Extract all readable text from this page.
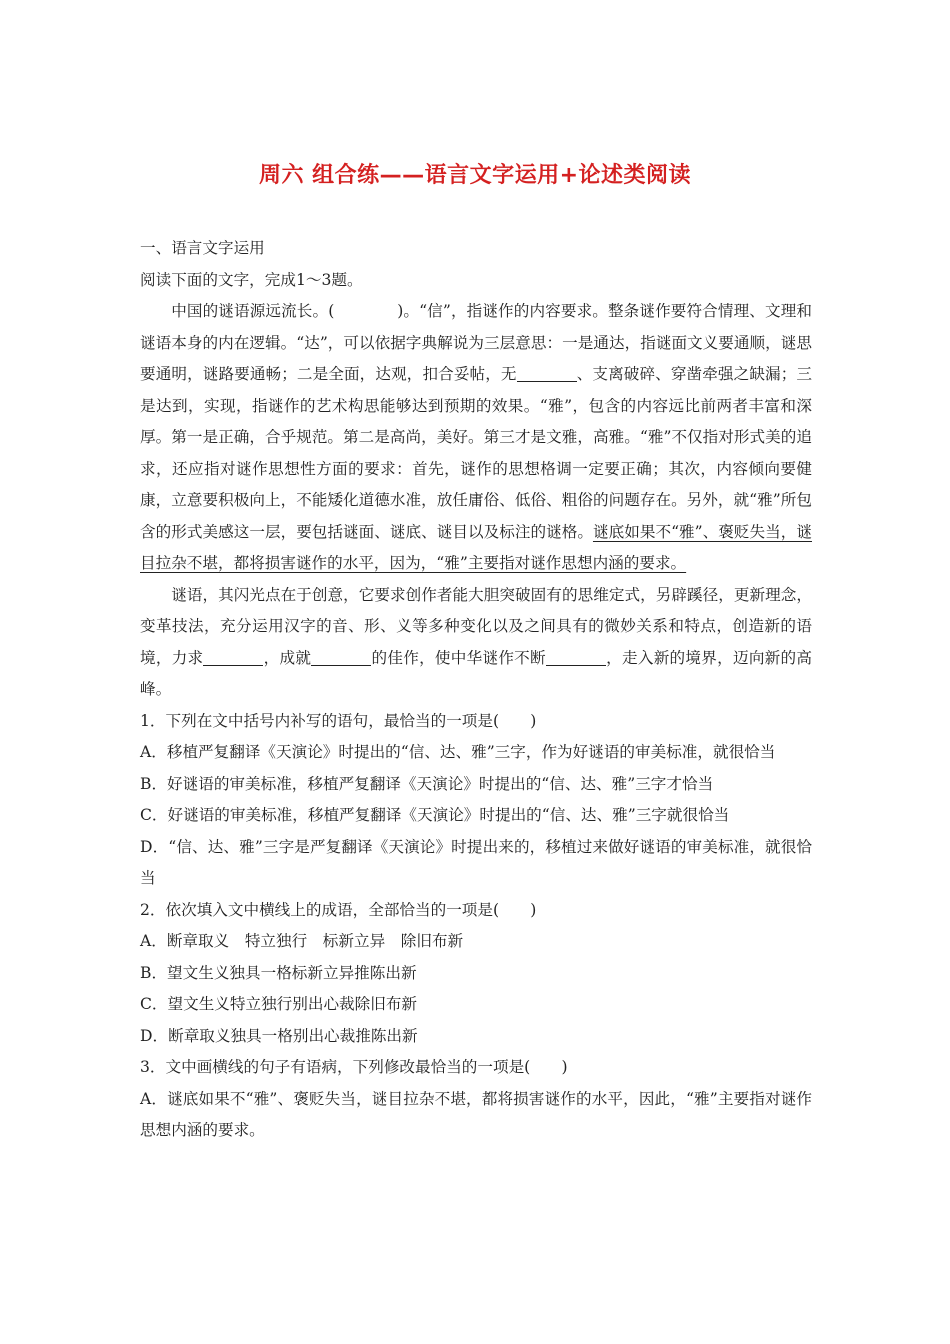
周六 组合练——语言文字运用+论述类阅读

一、语言文字运用

阅读下面的文字，完成1～3题。

中国的谜语源远流长。(　　　　)。“信”，指谜作的内容要求。整条谜作要符合情理、文理和谜语本身的内在逻辑。“达”，可以依据字典解说为三层意思：一是通达，指谜面文义要通顺，谜思要通明，谜路要通畅；二是全面，达观，扣合妥帖，无	、支离破碎、穿凿牵强之缺漏；三是达到，实现，指谜作的艺术构思能够达到预期的效果。“雅”，包含的内容远比前两者丰富和深厚。第一是正确，合乎规范。第二是高尚，美好。第三才是文雅，高雅。“雅”不仅指对形式美的追求，还应指对谜作思想性方面的要求：首先，谜作的思想格调一定要正确；其次，内容倾向要健康，立意要积极向上，不能矮化道德水准，放任庸俗、低俗、粗俗的问题存在。另外，就“雅”所包含的形式美感这一层，要包括谜面、谜底、谜目以及标注的谜格。谜底如果不“雅”、褒贬失当，谜目拉杂不堪，都将损害谜作的水平，因为，“雅”主要指对谜作思想内涵的要求。

谜语，其闪光点在于创意，它要求创作者能大胆突破固有的思维定式，另辟蹊径，更新理念，变革技法，充分运用汉字的音、形、义等多种变化以及之间具有的微妙关系和特点，创造新的语境，力求	，成就	的佳作，使中华谜作不断	，走入新的境界，迈向新的高峰。

1．下列在文中括号内补写的语句，最恰当的一项是(　　)

A．移植严复翻译《天演论》时提出的“信、达、雅”三字，作为好谜语的审美标准，就很恰当

B．好谜语的审美标准，移植严复翻译《天演论》时提出的“信、达、雅”三字才恰当

C．好谜语的审美标准，移植严复翻译《天演论》时提出的“信、达、雅”三字就很恰当

D．“信、达、雅”三字是严复翻译《天演论》时提出来的，移植过来做好谜语的审美标准，就很恰当

2．依次填入文中横线上的成语，全部恰当的一项是(　　)

A．断章取义　特立独行　标新立异　除旧布新

B．望文生义独具一格标新立异推陈出新

C．望文生义特立独行别出心裁除旧布新

D．断章取义独具一格别出心裁推陈出新

3．文中画横线的句子有语病，下列修改最恰当的一项是(　　)

A．谜底如果不“雅”、褒贬失当，谜目拉杂不堪，都将损害谜作的水平，因此，“雅”主要指对谜作思想内涵的要求。
